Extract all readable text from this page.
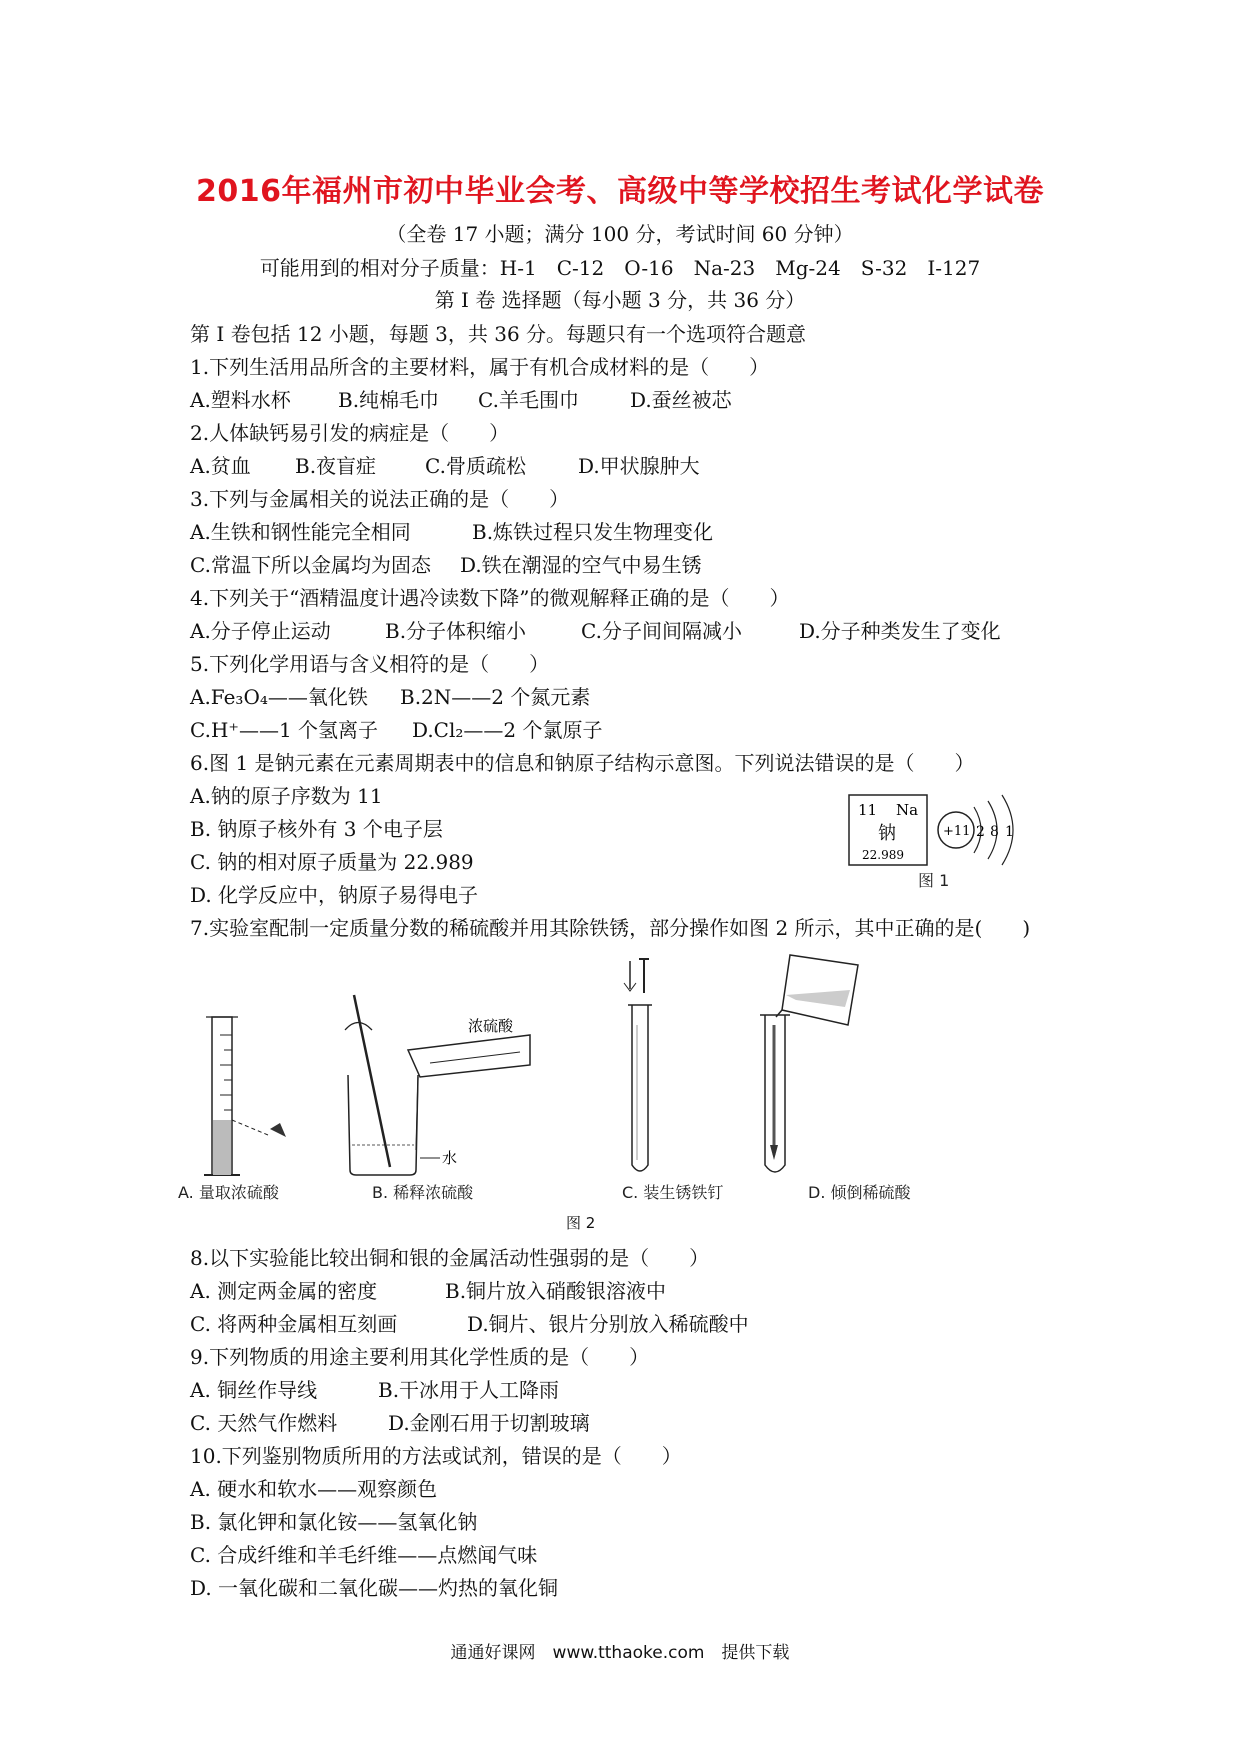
2016年福州市初中毕业会考、高级中等学校招生考试化学试卷
（全卷 17 小题；满分 100 分，考试时间 60 分钟）
可能用到的相对分子质量：H-1　C-12　O-16　Na-23　Mg-24　S-32　I-127
第 I 卷 选择题（每小题 3 分，共 36 分）
第 I 卷包括 12 小题，每题 3，共 36 分。每题只有一个选项符合题意
1.下列生活用品所含的主要材料，属于有机合成材料的是（　　）
A.塑料水杯 B.纯棉毛巾 C.羊毛围巾	D.蚕丝被芯
2.人体缺钙易引发的病症是（　　）
A.贫血 B.夜盲症 C.骨质疏松	D.甲状腺肿大
3.下列与金属相关的说法正确的是（　　）
A.生铁和钢性能完全相同	B.炼铁过程只发生物理变化
C.常温下所以金属均为固态 D.铁在潮湿的空气中易生锈
4.下列关于“酒精温度计遇冷读数下降”的微观解释正确的是（　　）
A.分子停止运动	B.分子体积缩小	C.分子间间隔减小	D.分子种类发生了变化
5.下列化学用语与含义相符的是（　　）
A.Fe₃O₄——氧化铁 B.2N——2 个氮元素
C.H⁺——1 个氢离子 D.Cl₂——2 个氯原子
6.图 1 是钠元素在元素周期表中的信息和钠原子结构示意图。下列说法错误的是（　　）
A.钠的原子序数为 11
B. 钠原子核外有 3 个电子层
C. 钠的相对原子质量为 22.989
D. 化学反应中，钠原子易得电子
11 Na
钠
22.989
+11 2 8 1
图 1
7.实验室配制一定质量分数的稀硫酸并用其除铁锈，部分操作如图 2 所示，其中正确的是(　　)
浓硫酸
水
A. 量取浓硫酸	B. 稀释浓硫酸	C. 装生锈铁钉	D. 倾倒稀硫酸
图 2
8.以下实验能比较出铜和银的金属活动性强弱的是（　　）
A. 测定两金属的密度	B.铜片放入硝酸银溶液中
C. 将两种金属相互刻画	D.铜片、银片分别放入稀硫酸中
9.下列物质的用途主要利用其化学性质的是（　　）
A. 铜丝作导线	B.干冰用于人工降雨
C. 天然气作燃料	D.金刚石用于切割玻璃
10.下列鉴别物质所用的方法或试剂，错误的是（　　）
A. 硬水和软水——观察颜色
B. 氯化钾和氯化铵——氢氧化钠
C. 合成纤维和羊毛纤维——点燃闻气味
D. 一氧化碳和二氧化碳——灼热的氧化铜
通通好课网　www.tthaoke.com　提供下载
